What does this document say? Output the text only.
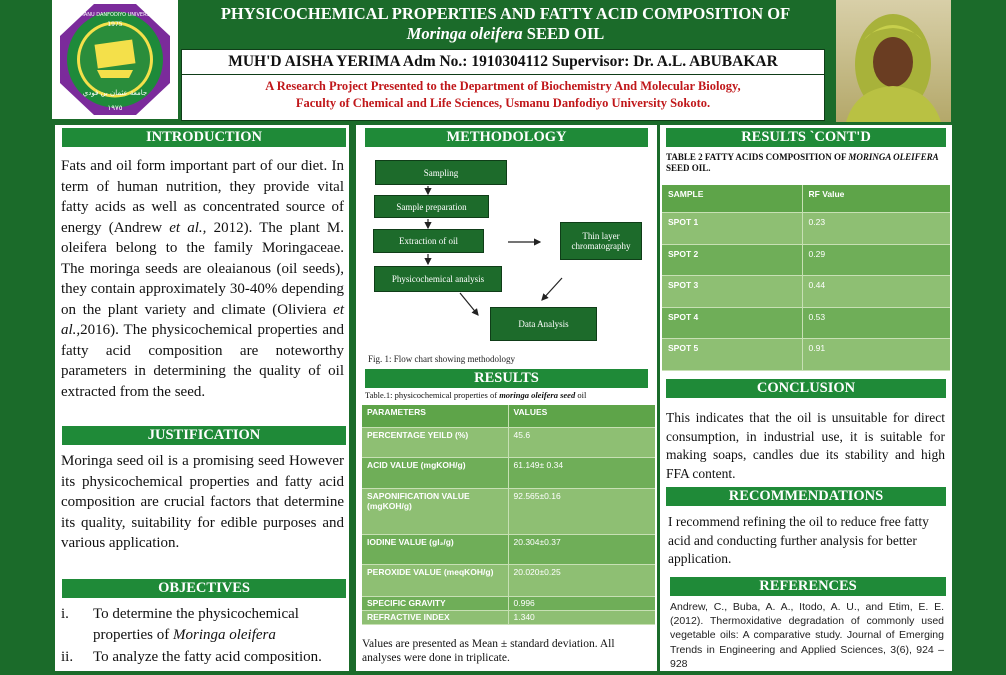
1975
USMANU DANFODIYO UNIVERSITY
جامعة عثمان بن فودي
١٩٧٥
PHYSICOCHEMICAL PROPERTIES AND FATTY ACID COMPOSITION OF
Moringa oleifera SEED OIL
MUH'D AISHA YERIMA Adm No.: 1910304112 Supervisor: Dr. A.L. ABUBAKAR
A Research Project Presented to the Department of Biochemistry And Molecular Biology,
Faculty of Chemical and Life Sciences, Usmanu Danfodiyo University Sokoto.
INTRODUCTION
Fats and oil form important part of our diet. In term of human nutrition, they provide vital fatty acids as well as concentrated source of energy (Andrew et al., 2012). The plant M. oleifera belong to the family Moringaceae. The moringa seeds are oleaianous (oil seeds), they contain approximately 30-40% depending on the plant variety and climate (Oliviera et al.,2016). The physicochemical properties and fatty acid composition are noteworthy parameters in determining the quality of oil extracted from the seed.
JUSTIFICATION
Moringa seed oil is a promising seed However its physicochemical properties and fatty acid composition are crucial factors that determine its quality, suitability for edible purposes and various application.
OBJECTIVES
i.	To determine the physicochemical properties of Moringa oleifera
ii.	To analyze the fatty acid composition.
METHODOLOGY
Sampling
Sample preparation
Extraction of oil
Physicochemical analysis
Thin layer chromatography
Data Analysis
Fig. 1: Flow chart showing methodology
RESULTS
Table.1: physicochemical properties of moringa oleifera seed oil
PARAMETERS	VALUES
PERCENTAGE YEILD (%)	45.6
ACID VALUE (mgKOH/g)	61.149± 0.34
SAPONIFICATION VALUE (mgKOH/g)	92.565±0.16
IODINE VALUE (gI₂/g)	20.304±0.37
PEROXIDE VALUE (meqKOH/g)	20.020±0.25
SPECIFIC GRAVITY	0.996
REFRACTIVE INDEX	1.340
Values are presented as Mean ± standard deviation. All analyses were done in triplicate.
RESULTS `CONT'D
TABLE 2 FATTY ACIDS COMPOSITION OF MORINGA OLEIFERA SEED OIL.
SAMPLE	RF Value
SPOT 1	0.23
SPOT 2	0.29
SPOT 3	0.44
SPOT 4	0.53
SPOT 5	0.91
CONCLUSION
This indicates that the oil is unsuitable for direct consumption, in industrial use, it is suitable for making soaps, candles due its stability and high FFA content.
RECOMMENDATIONS
I recommend refining the oil to reduce free fatty acid and conducting further analysis for better application.
REFERENCES
Andrew, C., Buba, A. A., Itodo, A. U., and Etim, E. E. (2012). Thermoxidative degradation of commonly used vegetable oils: A comparative study. Journal of Emerging Trends in Engineering and Applied Sciences, 3(6), 924 – 928
